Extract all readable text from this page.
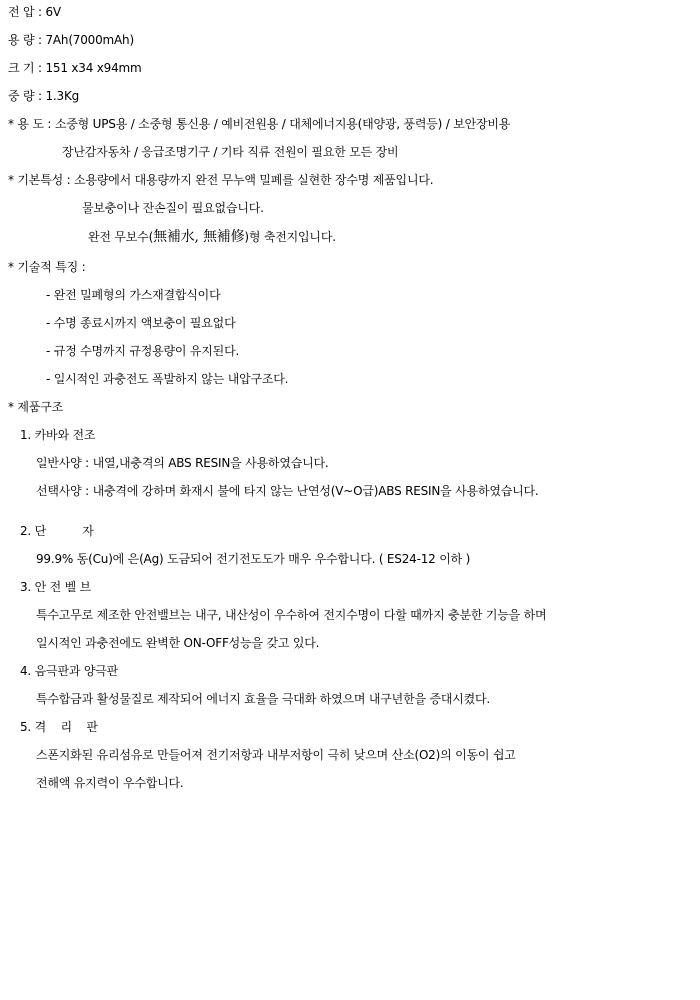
전 압 : 6V
용 량 : 7Ah(7000mAh)
크 기 : 151 x34 x94mm
중 량 : 1.3Kg
* 용 도 : 소중형 UPS용 / 소중형 통신용 / 예비전원용 / 대체에너지용(태양광, 풍력등) / 보안장비용
장난감자동차 / 응급조명기구 / 기타 직류 전원이 필요한 모든 장비
* 기본특성 : 소용량에서 대용량까지 완전 무누액 밀폐를 실현한 장수명 제품입니다.
물보충이나 잔손질이 필요없습니다.
완전 무보수(無補水, 無補修)형 축전지입니다.
* 기술적 특징 :
- 완전 밀폐형의 가스재결합식이다
- 수명 종료시까지 액보충이 필요없다
- 규정 수명까지 규정용량이 유지된다.
- 일시적인 과충전도 폭발하지 않는 내압구조다.
* 제품구조
1. 카바와 전조
일반사양 : 내열,내충격의 ABS RESIN을 사용하였습니다.
선택사양 : 내충격에 강하며 화재시 불에 타지 않는 난연성(V~O급)ABS RESIN을 사용하였습니다.
2. 단          자
99.9% 동(Cu)에 은(Ag) 도금되어 전기전도도가 매우 우수합니다. ( ES24-12 이하 )
3. 안 전 벨 브
특수고무로 제조한 안전밸브는 내구, 내산성이 우수하여 전지수명이 다할 때까지 충분한 기능을 하며
일시적인 과충전에도 완벽한 ON-OFF성능을 갖고 있다.
4. 음극판과 양극판
특수합금과 활성물질로 제작되어 에너지 효율을 극대화 하였으며 내구년한을 증대시켰다.
5. 격    리    판
스폰지화된 유리섬유로 만들어져 전기저항과 내부저항이 극히 낮으며 산소(O2)의 이동이 쉽고
전해액 유지력이 우수합니다.
